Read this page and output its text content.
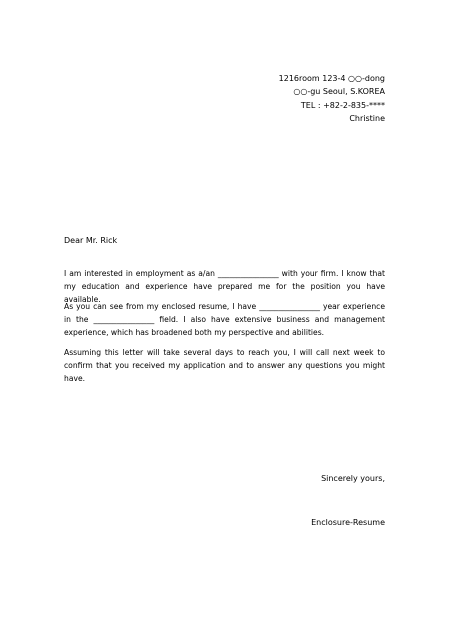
1216room 123-4 ○○-dong
○○-gu Seoul, S.KOREA
TEL : +82-2-835-****
Christine
Dear Mr. Rick
I am interested in employment as a/an ________________ with your firm. I know that my education and experience have prepared me for the position you have available.
As you can see from my enclosed resume, I have ________________ year experience in the ________________ field. I also have extensive business and management experience, which has broadened both my perspective and abilities.
Assuming this letter will take several days to reach you, I will call next week to confirm that you received my application and to answer any questions you might have.
Sincerely yours,
Enclosure-Resume
